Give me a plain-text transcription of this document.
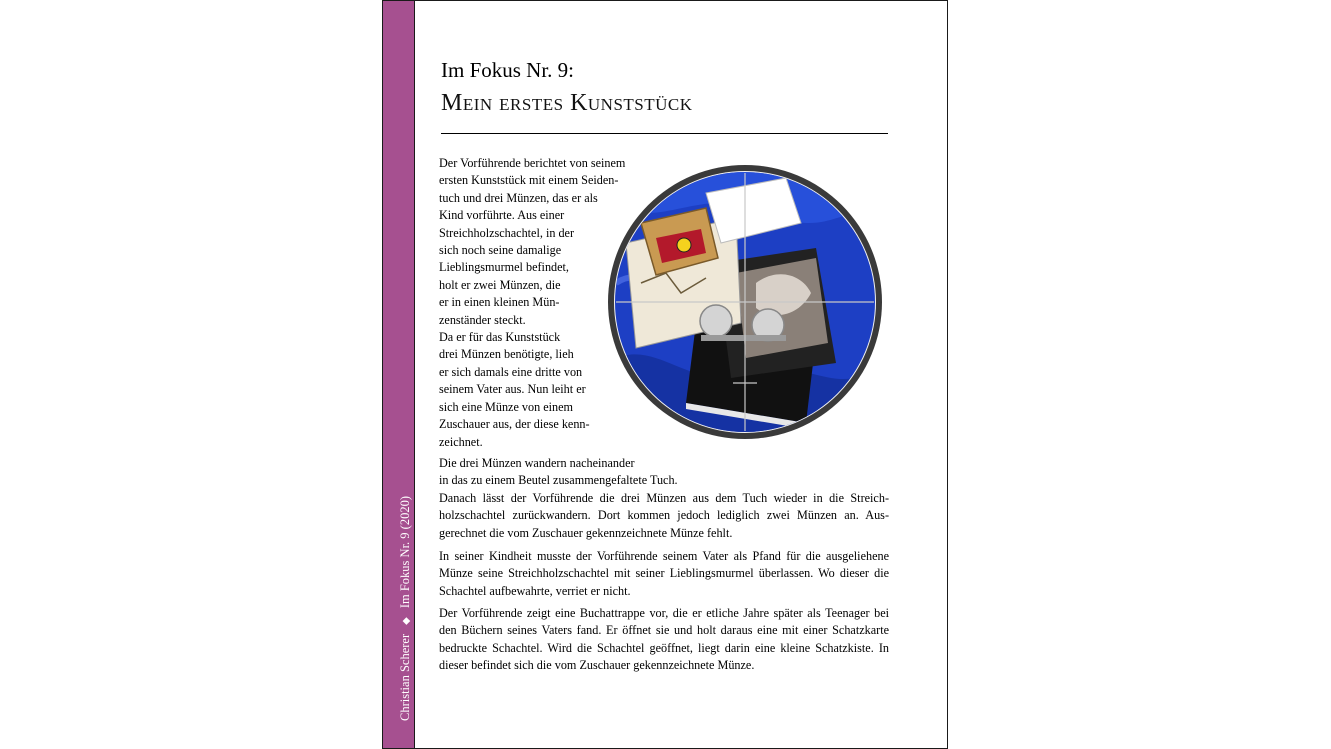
Christian Scherer◆Im Fokus Nr. 9 (2020)
Im Fokus Nr. 9:
Mein erstes Kunststück
Der Vorführende berichtet von seinem
ersten Kunststück mit einem Seiden-
tuch und drei Münzen, das er als
Kind vorführte. Aus einer
Streichholzschachtel, in der
sich noch seine damalige
Lieblingsmurmel befindet,
holt er zwei Münzen, die
er in einen kleinen Mün-
zenständer steckt.
Da er für das Kunststück
drei Münzen benötigte, lieh
er sich damals eine dritte von
seinem Vater aus. Nun leiht er
sich eine Münze von einem
Zuschauer aus, der diese kenn-
zeichnet.
Die drei Münzen wandern nacheinander
in das zu einem Beutel zusammengefaltete Tuch.
Danach lässt der Vorführende die drei Münzen aus dem Tuch wieder in die Streichholzschachtel zurückwandern. Dort kommen jedoch lediglich zwei Münzen an. Ausgerechnet die vom Zuschauer gekennzeichnete Münze fehlt.
In seiner Kindheit musste der Vorführende seinem Vater als Pfand für die ausgeliehene Münze seine Streichholzschachtel mit seiner Lieblingsmurmel überlassen. Wo dieser die Schachtel aufbewahrte, verriet er nicht.
Der Vorführende zeigt eine Buchattrappe vor, die er etliche Jahre später als Teenager bei den Büchern seines Vaters fand. Er öffnet sie und holt daraus eine mit einer Schatzkarte bedruckte Schachtel. Wird die Schachtel geöffnet, liegt darin eine kleine Schatzkiste. In dieser befindet sich die vom Zuschauer gekennzeichnete Münze.
